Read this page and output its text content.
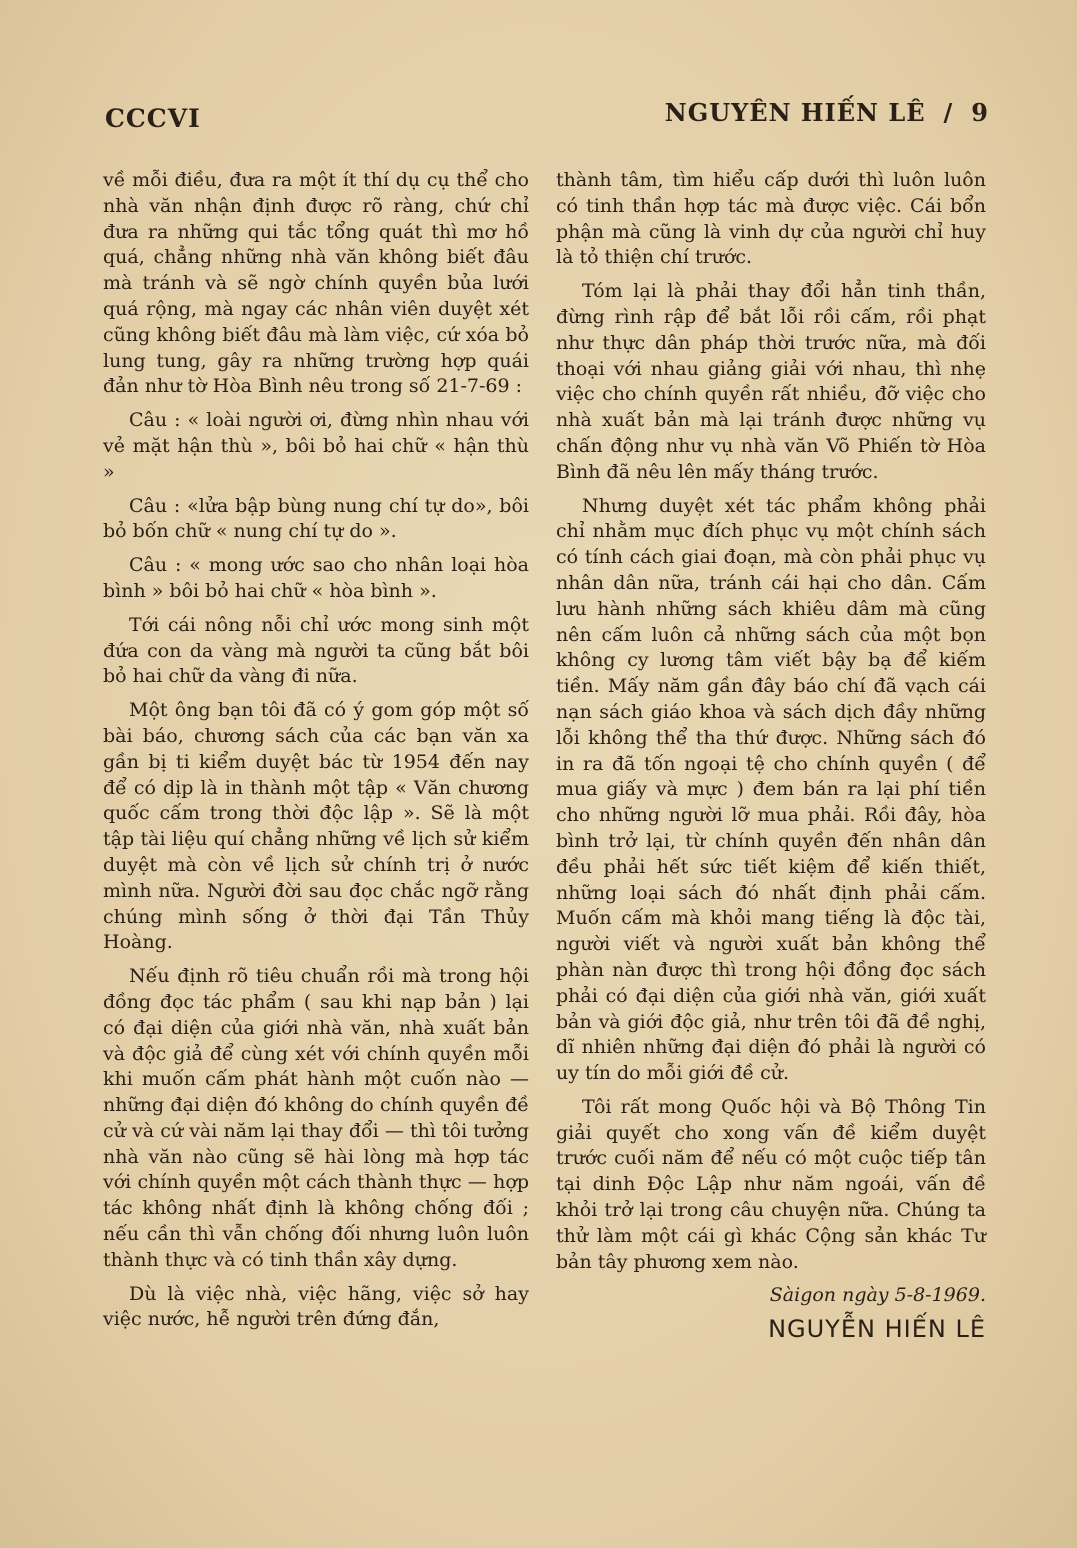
CCCVI	NGUYÊN HIẾN LÊ / 9

về mỗi điều, đưa ra một ít thí dụ cụ thể cho nhà văn nhận định được rõ ràng, chứ chỉ đưa ra những qui tắc tổng quát thì mơ hồ quá, chẳng những nhà văn không biết đâu mà tránh và sẽ ngờ chính quyền bủa lưới quá rộng, mà ngay các nhân viên duyệt xét cũng không biết đâu mà làm việc, cứ xóa bỏ lung tung, gây ra những trường hợp quái đản như tờ Hòa Bình nêu trong số 21-7-69 :

Câu : « loài người ơi, đừng nhìn nhau với vẻ mặt hận thù », bôi bỏ hai chữ « hận thù »

Câu : «lửa bập bùng nung chí tự do», bôi bỏ bốn chữ « nung chí tự do ».

Câu : « mong ước sao cho nhân loại hòa bình » bôi bỏ hai chữ « hòa bình ».

Tới cái nông nỗi chỉ ước mong sinh một đứa con da vàng mà người ta cũng bắt bôi bỏ hai chữ da vàng đi nữa.

Một ông bạn tôi đã có ý gom góp một số bài báo, chương sách của các bạn văn xa gần bị ti kiểm duyệt bác từ 1954 đến nay để có dịp là in thành một tập « Văn chương quốc cấm trong thời độc lập ». Sẽ là một tập tài liệu quí chẳng những về lịch sử kiểm duyệt mà còn về lịch sử chính trị ở nước mình nữa. Người đời sau đọc chắc ngỡ rằng chúng mình sống ở thời đại Tần Thủy Hoàng.

Nếu định rõ tiêu chuẩn rồi mà trong hội đồng đọc tác phẩm ( sau khi nạp bản ) lại có đại diện của giới nhà văn, nhà xuất bản và độc giả để cùng xét với chính quyền mỗi khi muốn cấm phát hành một cuốn nào — những đại diện đó không do chính quyền đề cử và cứ vài năm lại thay đổi — thì tôi tưởng nhà văn nào cũng sẽ hài lòng mà hợp tác với chính quyền một cách thành thực — hợp tác không nhất định là không chống đối ; nếu cần thì vẫn chống đối nhưng luôn luôn thành thực và có tinh thần xây dựng.

Dù là việc nhà, việc hãng, việc sở hay việc nước, hễ người trên đứng đắn,

thành tâm, tìm hiểu cấp dưới thì luôn luôn có tinh thần hợp tác mà được việc. Cái bổn phận mà cũng là vinh dự của người chỉ huy là tỏ thiện chí trước.

Tóm lại là phải thay đổi hẳn tinh thần, đừng rình rập để bắt lỗi rồi cấm, rồi phạt như thực dân pháp thời trước nữa, mà đối thoại với nhau giảng giải với nhau, thì nhẹ việc cho chính quyền rất nhiều, đỡ việc cho nhà xuất bản mà lại tránh được những vụ chấn động như vụ nhà văn Võ Phiến tờ Hòa Bình đã nêu lên mấy tháng trước.

Nhưng duyệt xét tác phẩm không phải chỉ nhằm mục đích phục vụ một chính sách có tính cách giai đoạn, mà còn phải phục vụ nhân dân nữa, tránh cái hại cho dân. Cấm lưu hành những sách khiêu dâm mà cũng nên cấm luôn cả những sách của một bọn không cy lương tâm viết bậy bạ để kiếm tiền. Mấy năm gần đây báo chí đã vạch cái nạn sách giáo khoa và sách dịch đầy những lỗi không thể tha thứ được. Những sách đó in ra đã tốn ngoại tệ cho chính quyền ( để mua giấy và mực ) đem bán ra lại phí tiền cho những người lỡ mua phải. Rồi đây, hòa bình trở lại, từ chính quyền đến nhân dân đều phải hết sức tiết kiệm để kiến thiết, những loại sách đó nhất định phải cấm. Muốn cấm mà khỏi mang tiếng là độc tài, người viết và người xuất bản không thể phàn nàn được thì trong hội đồng đọc sách phải có đại diện của giới nhà văn, giới xuất bản và giới độc giả, như trên tôi đã đề nghị, dĩ nhiên những đại diện đó phải là người có uy tín do mỗi giới đề cử.

Tôi rất mong Quốc hội và Bộ Thông Tin giải quyết cho xong vấn đề kiểm duyệt trước cuối năm để nếu có một cuộc tiếp tân tại dinh Độc Lập như năm ngoái, vấn đề khỏi trở lại trong câu chuyện nữa. Chúng ta thử làm một cái gì khác Cộng sản khác Tư bản tây phương xem nào.

Sàigon ngày 5-8-1969.

NGUYỄN HIẾN LÊ
